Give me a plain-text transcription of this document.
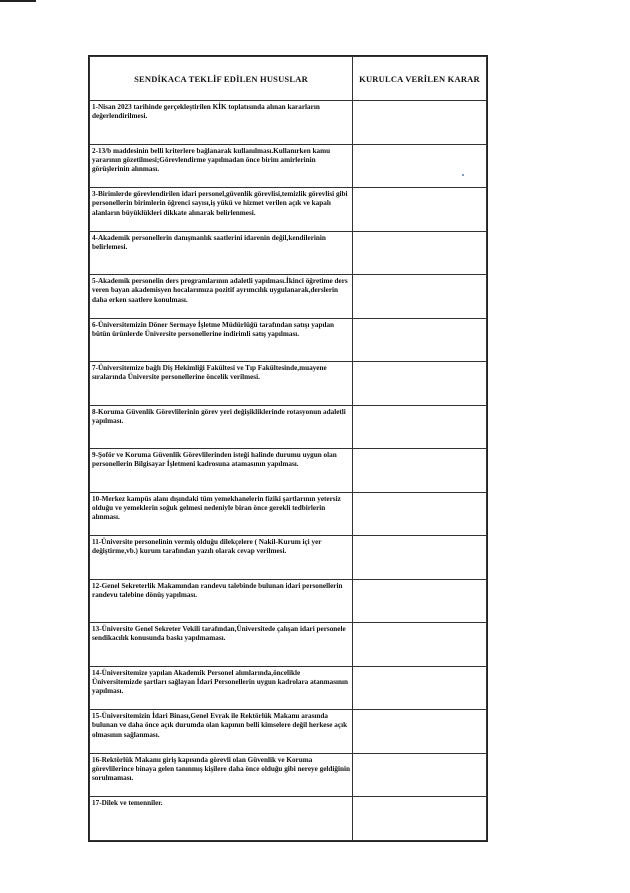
SENDİKACA TEKLİF EDİLEN HUSUSLAR	KURULCA VERİLEN KARAR

1-Nisan 2023 tarihinde gerçekleştirilen KİK toplatısında alınan kararların değerlendirilmesi.	

2-13/b maddesinin belli kriterlere bağlanarak kullanılması.Kullanırken kamu yararının gözetilmesi;Görevlendirme yapılmadan önce birim amirlerinin görüşlerinin alınması.	

3-Birimlerde görevlendirilen idari personel,güvenlik görevlisi,temizlik görevlisi gibi personellerin birimlerin öğrenci sayısı,iş yükü ve hizmet verilen açık ve kapalı alanların büyüklükleri dikkate alınarak belirlenmesi.	

4-Akademik personellerin danışmanlık saatlerini idarenin değil,kendilerinin belirlemesi.	

5-Akademik personelin ders programlarının adaletli yapılması.İkinci öğretime ders veren bayan akademisyen hocalarımıza pozitif ayrımcılık uygulanarak,derslerin daha erken saatlere konulması.	

6-Üniversitemizin Döner Sermaye İşletme Müdürlüğü tarafından satışı yapılan bütün ürünlerde Üniversite personellerine indirimli satış yapılması.	

7-Üniversitemize bağlı Diş Hekimliği Fakültesi ve Tıp Fakültesinde,muayene sıralarında Üniversite personellerine öncelik verilmesi.	

8-Koruma Güvenlik Görevlilerinin görev yeri değişikliklerinde rotasyonun adaletli yapılması.	

9-Şoför ve Koruma Güvenlik Görevlilerinden isteği halinde durumu uygun olan personellerin Bilgisayar İşletmeni kadrosuna atamasının yapılması.	

10-Merkez kampüs alanı dışındaki tüm yemekhanelerin fiziki şartlarının yetersiz olduğu ve yemeklerin soğuk gelmesi nedeniyle biran önce gerekli tedbirlerin alınması.	

11-Üniversite personelinin vermiş olduğu dilekçelere ( Nakil-Kurum içi yer değiştirme,vb.) kurum tarafından yazılı olarak cevap verilmesi.	

12-Genel Sekreterlik Makamından randevu talebinde bulunan idari personellerin randevu talebine dönüş yapılması.	

13-Üniversite Genel Sekreter Vekili tarafından,Üniversitede çalışan idari personele sendikacılık konusunda baskı yapılmaması.	

14-Üniversitemize yapılan Akademik Personel alımlarında,öncelikle Üniversitemizde şartları sağlayan İdari Personellerin uygun kadrolara atanmasının yapılması.	

15-Üniversitemizin İdari Binası,Genel Evrak ile Rektörlük Makamı arasında bulunan ve daha önce açık durumda olan kapının belli kimselere değil herkese açık olmasının sağlanması.	

16-Rektörlük Makamı giriş kapısında görevli olan Güvenlik ve Koruma görevlilerince binaya gelen tanınmış kişilere daha önce olduğu gibi nereye geldiğinin sorulmaması.	

17-Dilek ve temenniler.	
